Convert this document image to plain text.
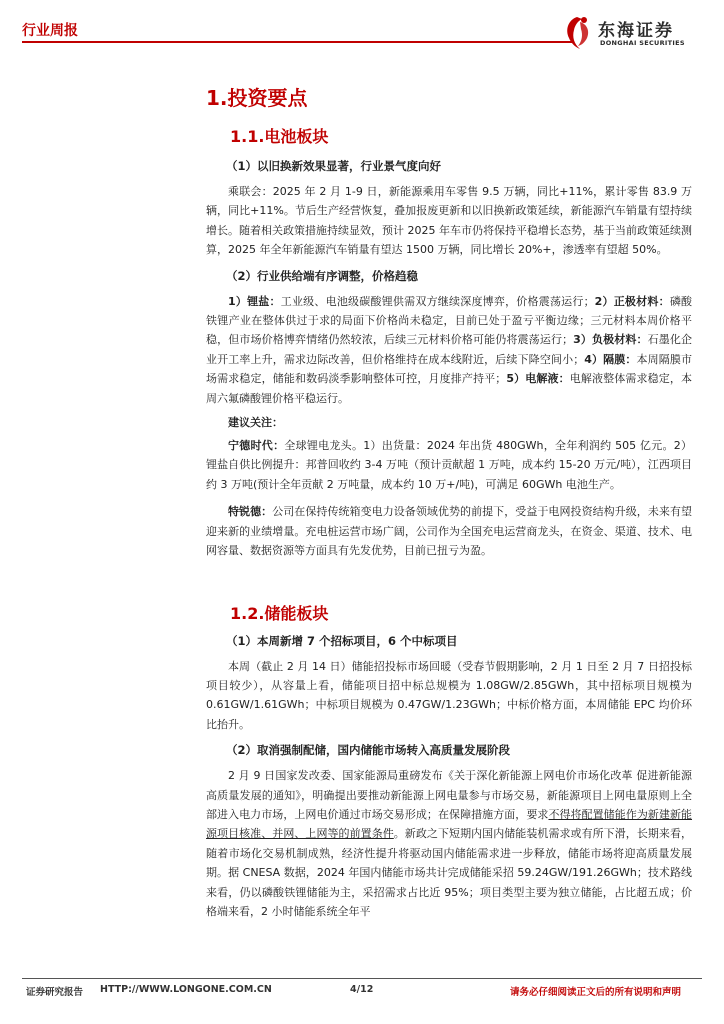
行业周报	东海证券
DONGHAI SECURITIES
1.投资要点
1.1.电池板块
（1）以旧换新效果显著，行业景气度向好

乘联会：2025 年 2 月 1-9 日，新能源乘用车零售 9.5 万辆，同比+11%，累计零售 83.9 万辆，同比+11%。节后生产经营恢复，叠加报废更新和以旧换新政策延续，新能源汽车销量有望持续增长。随着相关政策措施持续显效，预计 2025 年车市仍将保持平稳增长态势，基于当前政策延续测算，2025 年全年新能源汽车销量有望达 1500 万辆，同比增长 20%+，渗透率有望超 50%。

（2）行业供给端有序调整，价格趋稳

1）锂盐：工业级、电池级碳酸锂供需双方继续深度博弈，价格震荡运行；2）正极材料：磷酸铁锂产业在整体供过于求的局面下价格尚未稳定，目前已处于盈亏平衡边缘；三元材料本周价格平稳，但市场价格博弈情绪仍然较浓，后续三元材料价格可能仍将震荡运行；3）负极材料：石墨化企业开工率上升，需求边际改善，但价格维持在成本线附近，后续下降空间小；4）隔膜：本周隔膜市场需求稳定，储能和数码淡季影响整体可控，月度排产持平；5）电解液：电解液整体需求稳定，本周六氟磷酸锂价格平稳运行。

建议关注：

宁德时代：全球锂电龙头。1）出货量：2024 年出货 480GWh，全年利润约 505 亿元。2）锂盐自供比例提升：邦普回收约 3-4 万吨（预计贡献超 1 万吨，成本约 15-20 万元/吨），江西项目约 3 万吨(预计全年贡献 2 万吨量，成本约 10 万+/吨)，可满足 60GWh 电池生产。

特锐德：公司在保持传统箱变电力设备领域优势的前提下，受益于电网投资结构升级，未来有望迎来新的业绩增量。充电桩运营市场广阔，公司作为全国充电运营商龙头，在资金、渠道、技术、电网容量、数据资源等方面具有先发优势，目前已扭亏为盈。

1.2.储能板块
（1）本周新增 7 个招标项目，6 个中标项目

本周（截止 2 月 14 日）储能招投标市场回暖（受春节假期影响，2 月 1 日至 2 月 7 日招投标项目较少），从容量上看，储能项目招中标总规模为 1.08GW/2.85GWh，其中招标项目规模为 0.61GW/1.61GWh；中标项目规模为 0.47GW/1.23GWh；中标价格方面，本周储能 EPC 均价环比抬升。

（2）取消强制配储，国内储能市场转入高质量发展阶段

2 月 9 日国家发改委、国家能源局重磅发布《关于深化新能源上网电价市场化改革 促进新能源高质量发展的通知》，明确提出要推动新能源上网电量参与市场交易，新能源项目上网电量原则上全部进入电力市场，上网电价通过市场交易形成；在保障措施方面，要求不得将配置储能作为新建新能源项目核准、并网、上网等的前置条件。新政之下短期内国内储能装机需求或有所下滑，长期来看，随着市场化交易机制成熟，经济性提升将驱动国内储能需求进一步释放，储能市场将迎高质量发展期。据 CNESA 数据，2024 年国内储能市场共计完成储能采招 59.24GW/191.26GWh；技术路线来看，仍以磷酸铁锂储能为主，采招需求占比近 95%；项目类型主要为独立储能，占比超五成；价格端来看，2 小时储能系统全年平

证券研究报告 HTTP://WWW.LONGONE.COM.CN	4/12	请务必仔细阅读正文后的所有说明和声明
